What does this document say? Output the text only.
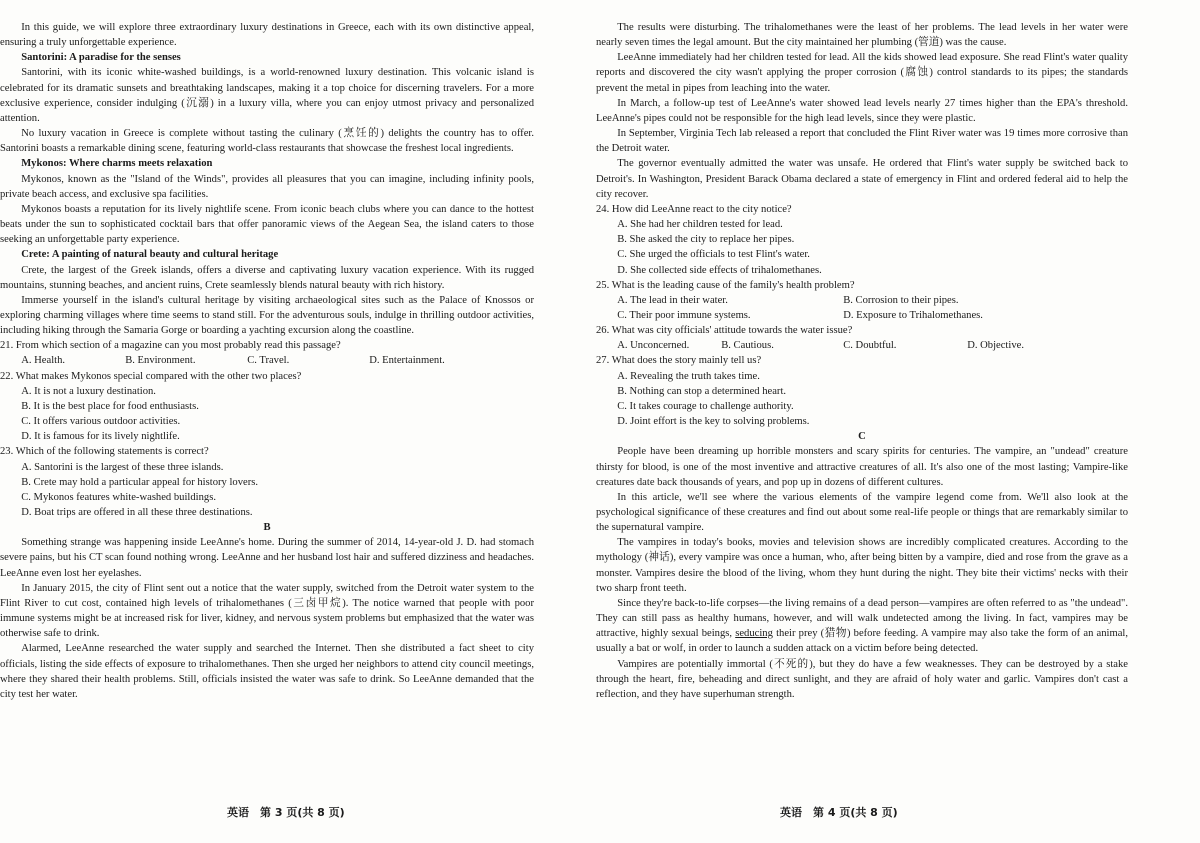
In this guide, we will explore three extraordinary luxury destinations in Greece, each with its own distinctive appeal, ensuring a truly unforgettable experience.

Santorini: A paradise for the senses

Santorini, with its iconic white-washed buildings, is a world-renowned luxury destination. This volcanic island is celebrated for its dramatic sunsets and breathtaking landscapes, making it a top choice for discerning travelers. For a more exclusive experience, consider indulging (沉溺) in a luxury villa, where you can enjoy utmost privacy and personalized attention.

No luxury vacation in Greece is complete without tasting the culinary (烹饪的) delights the country has to offer. Santorini boasts a remarkable dining scene, featuring world-class restaurants that showcase the freshest local ingredients.

Mykonos: Where charms meets relaxation

Mykonos, known as the "Island of the Winds", provides all pleasures that you can imagine, including infinity pools, private beach access, and exclusive spa facilities.

Mykonos boasts a reputation for its lively nightlife scene. From iconic beach clubs where you can dance to the hottest beats under the sun to sophisticated cocktail bars that offer panoramic views of the Aegean Sea, the island caters to those seeking an unforgettable party experience.

Crete: A painting of natural beauty and cultural heritage

Crete, the largest of the Greek islands, offers a diverse and captivating luxury vacation experience. With its rugged mountains, stunning beaches, and ancient ruins, Crete seamlessly blends natural beauty with rich history.

Immerse yourself in the island's cultural heritage by visiting archaeological sites such as the Palace of Knossos or exploring charming villages where time seems to stand still. For the adventurous souls, indulge in thrilling outdoor activities, including hiking through the Samaria Gorge or boarding a yachting excursion along the coastline.

21. From which section of a magazine can you most probably read this passage?

A. Health.	B. Environment.	C. Travel.	D. Entertainment.

22. What makes Mykonos special compared with the other two places?

A. It is not a luxury destination.
B. It is the best place for food enthusiasts.
C. It offers various outdoor activities.
D. It is famous for its lively nightlife.

23. Which of the following statements is correct?

A. Santorini is the largest of these three islands.
B. Crete may hold a particular appeal for history lovers.
C. Mykonos features white-washed buildings.
D. Boat trips are offered in all these three destinations.
B

Something strange was happening inside LeeAnne's home. During the summer of 2014, 14-year-old J. D. had stomach severe pains, but his CT scan found nothing wrong. LeeAnne and her husband lost hair and suffered dizziness and headaches. LeeAnne even lost her eyelashes.

In January 2015, the city of Flint sent out a notice that the water supply, switched from the Detroit water system to the Flint River to cut cost, contained high levels of trihalomethanes (三卤甲烷). The notice warned that people with poor immune systems might be at increased risk for liver, kidney, and nervous system problems but emphasized that the water was otherwise safe to drink.

Alarmed, LeeAnne researched the water supply and searched the Internet. Then she distributed a fact sheet to city officials, listing the side effects of exposure to trihalomethanes. Then she urged her neighbors to attend city council meetings, where they shared their health problems. Still, officials insisted the water was safe to drink. So LeeAnne demanded that the city test her water.

英语　第 3 页(共 8 页)

The results were disturbing. The trihalomethanes were the least of her problems. The lead levels in her water were nearly seven times the legal amount. But the city maintained her plumbing (管道) was the cause.

LeeAnne immediately had her children tested for lead. All the kids showed lead exposure. She read Flint's water quality reports and discovered the city wasn't applying the proper corrosion (腐蚀) control standards to its pipes; the standards prevent the metal in pipes from leaching into the water.

In March, a follow-up test of LeeAnne's water showed lead levels nearly 27 times higher than the EPA's threshold. LeeAnne's pipes could not be responsible for the high lead levels, since they were plastic.

In September, Virginia Tech lab released a report that concluded the Flint River water was 19 times more corrosive than the Detroit water.

The governor eventually admitted the water was unsafe. He ordered that Flint's water supply be switched back to Detroit's. In Washington, President Barack Obama declared a state of emergency in Flint and ordered federal aid to help the city recover.

24. How did LeeAnne react to the city notice?

A. She had her children tested for lead.
B. She asked the city to replace her pipes.
C. She urged the officials to test Flint's water.
D. She collected side effects of trihalomethanes.

25. What is the leading cause of the family's health problem?

A. The lead in their water.	B. Corrosion to their pipes.
C. Their poor immune systems.	D. Exposure to Trihalomethanes.

26. What was city officials' attitude towards the water issue?

A. Unconcerned.	B. Cautious.	C. Doubtful.	D. Objective.

27. What does the story mainly tell us?

A. Revealing the truth takes time.
B. Nothing can stop a determined heart.
C. It takes courage to challenge authority.
D. Joint effort is the key to solving problems.
C

People have been dreaming up horrible monsters and scary spirits for centuries. The vampire, an "undead" creature thirsty for blood, is one of the most inventive and attractive creatures of all. It's also one of the most lasting; Vampire-like creatures date back thousands of years, and pop up in dozens of different cultures.

In this article, we'll see where the various elements of the vampire legend come from. We'll also look at the psychological significance of these creatures and find out about some real-life people or things that are remarkably similar to the supernatural vampire.

The vampires in today's books, movies and television shows are incredibly complicated creatures. According to the mythology (神话), every vampire was once a human, who, after being bitten by a vampire, died and rose from the grave as a monster. Vampires desire the blood of the living, whom they hunt during the night. They bite their victims' necks with their two sharp front teeth.

Since they're back-to-life corpses—the living remains of a dead person—vampires are often referred to as "the undead". They can still pass as healthy humans, however, and will walk undetected among the living. In fact, vampires may be attractive, highly sexual beings, seducing their prey (猎物) before feeding. A vampire may also take the form of an animal, usually a bat or wolf, in order to launch a sudden attack on a victim before being detected.

Vampires are potentially immortal (不死的), but they do have a few weaknesses. They can be destroyed by a stake through the heart, fire, beheading and direct sunlight, and they are afraid of holy water and garlic. Vampires don't cast a reflection, and they have superhuman strength.

英语　第 4 页(共 8 页)
